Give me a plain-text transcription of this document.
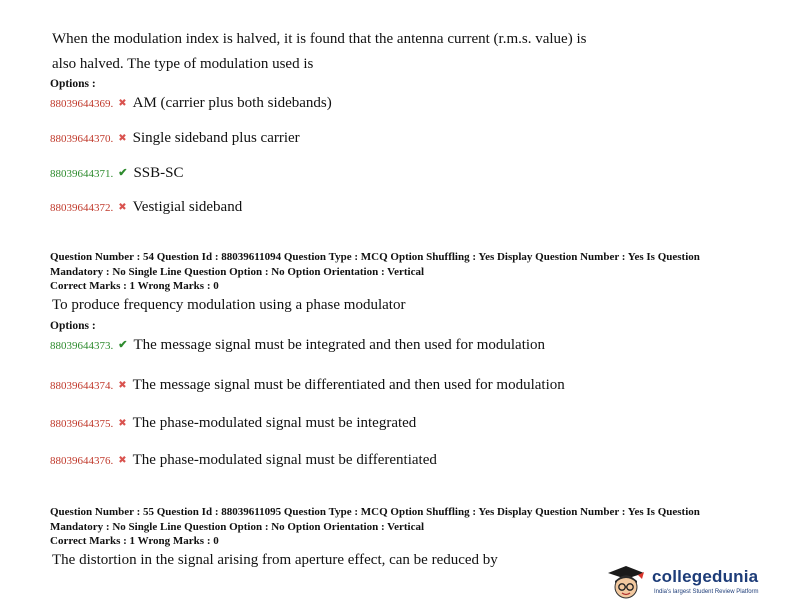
When the modulation index is halved, it is found that the antenna current (r.m.s. value) is
also halved. The type of modulation used is
Options :
88039644369. ✖ AM (carrier plus both sidebands)
88039644370. ✖ Single sideband plus carrier
88039644371. ✔ SSB-SC
88039644372. ✖ Vestigial sideband
Question Number : 54 Question Id : 88039611094 Question Type : MCQ Option Shuffling : Yes Display Question Number : Yes Is Question
Mandatory : No Single Line Question Option : No Option Orientation : Vertical
Correct Marks : 1 Wrong Marks : 0
To produce frequency modulation using a phase modulator
Options :
88039644373. ✔ The message signal must be integrated and then used for modulation
88039644374. ✖ The message signal must be differentiated and then used for modulation
88039644375. ✖ The phase-modulated signal must be integrated
88039644376. ✖ The phase-modulated signal must be differentiated
Question Number : 55 Question Id : 88039611095 Question Type : MCQ Option Shuffling : Yes Display Question Number : Yes Is Question
Mandatory : No Single Line Question Option : No Option Orientation : Vertical
Correct Marks : 1 Wrong Marks : 0
The distortion in the signal arising from aperture effect, can be reduced by
collegedunia
India's largest Student Review Platform
